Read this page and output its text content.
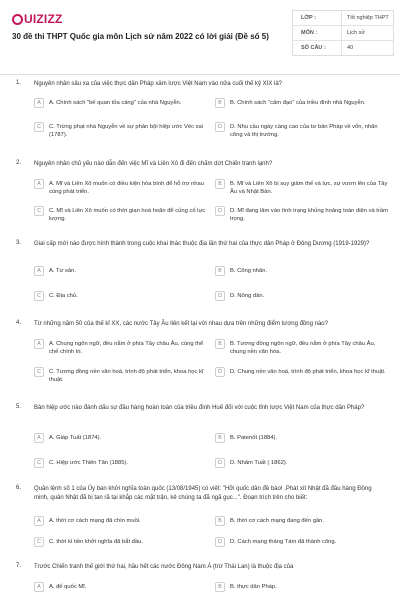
UIZIZZ
30 đề thi THPT Quốc gia môn Lịch sử năm 2022 có lời giải (Đề số 5)
LỚP :	Tốt nghiệp THPT
MÔN :	Lịch sử
SỐ CÂU :	40
1. Nguyên nhân sâu xa của việc thực dân Pháp xâm lược Việt Nam vào nửa cuối thế kỷ XIX là?
A	A. Chính sách "bế quan tỏa cảng" của nhà Nguyễn.	B	B. Chính sách "cấm đạo" của triều đình nhà Nguyễn.
C	C. Trừng phạt nhà Nguyễn về sự phản bội hiệp ước Véc xai (1787).
D	D. Nhu cầu ngày càng cao của tư bản Pháp về vốn, nhân công và thị trường.
2. Nguyên nhân chủ yếu nào dẫn đến việc Mĩ và Liên Xô đi đến chấm dứt Chiến tranh lạnh?
A	A. Mĩ và Liên Xô muốn có điều kiện hòa bình để hỗ trợ nhau cùng phát triển.
B	B. Mĩ và Liên Xô bị suy giảm thế và lực, sự vươn lên của Tây Âu và Nhật Bản.
C	C. Mĩ và Liên Xô muốn có thời gian hoà hoãn để củng cố lực lượng.
D	D. Mĩ đang lâm vào tình trạng khủng hoảng toàn diện và trầm trọng.
3. Giai cấp mới nào được hình thành trong cuộc khai thác thuộc địa lần thứ hai của thực dân Pháp ở Đông Dương (1919-1929)?
A	A. Tư sản.	B	B. Công nhân.
C	C. Địa chủ.	D	D. Nông dân.
4. Từ những năm 50 của thế kỉ XX, các nước Tây Âu liên kết lại với nhau dựa trên những điểm tương đồng nào?
A	A. Chung ngôn ngữ, đều nằm ở phía Tây châu Âu, cùng thể chế chính trị.
B	B. Tương đồng ngôn ngữ, đều nằm ở phía Tây châu Âu, chung nền văn hóa.
C	C. Tương đồng nền văn hoá, trình độ phát triển, khoa học kĩ thuật.
D	D. Chung nền văn hoá, trình độ phát triển, khoa học kĩ thuật.
5. Bản hiệp ước nào đánh dấu sự đầu hàng hoàn toàn của triều đình Huế đối với cuộc tỉnh lược Việt Nam của thực dân Pháp?
A	A. Giáp Tuất (1874).	B	B. Patenốt (1884).
C	C. Hiệp ước Thiên Tân (1885).	D	D. Nhâm Tuất ( 1862).
6. Quân lệnh số 1 của Ủy ban khởi nghĩa toàn quốc (13/08/1945) có viết: "Hỡi quốc dân đề bào! .Phát xít Nhật đã đầu hàng Đồng minh, quân Nhật đã bị tan rã tại khắp các mặt trận, kẻ chúng ta đã ngã gục...". Đoạn trích trên cho biết:
A	A. thời cơ cách mạng đã chín muồi.	B	B. thời cơ cách mạng đang đến gần.
C	C. thời kì tiền khởi nghĩa đã bắt đầu.	D	D. Cách mạng tháng Tám đã thành công.
7. Trước Chiến tranh thế giới thứ hai, hầu hết các nước Đông Nam Á (trừ Thái Lan) là thuộc địa của
A	A. đế quốc Mĩ.	B	B. thực dân Pháp.
